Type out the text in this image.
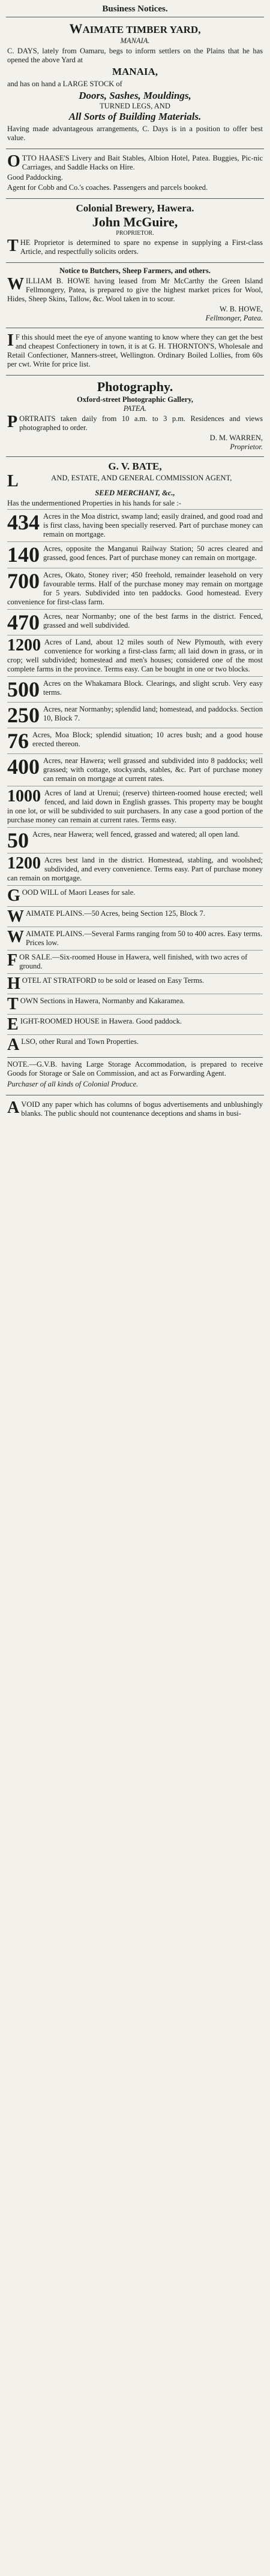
Business Notices.
WAIMATE TIMBER YARD,
MANAIA.

C. DAYS, lately from Oamaru, begs to inform settlers on the Plains that he has opened the above Yard at

MANAIA,

and has on hand a LARGE STOCK of

Doors, Sashes, Mouldings,
TURNED LEGS, AND
All Sorts of Building Materials.

Having made advantageous arrangements, C. Days is in a position to offer best value.

OTTO HAASE'S Livery and Bait Stables, Albion Hotel, Patea. Buggies, Pic-nic Carriages, and Saddle Hacks on Hire.

Good Paddocking.

Agent for Cobb and Co.'s coaches. Passengers and parcels booked.

Colonial Brewery, Hawera.
John McGuire,
PROPRIETOR.

THE Proprietor is determined to spare no expense in supplying a First-class Article, and respectfully solicits orders.

Notice to Butchers, Sheep Farmers, and others.

WILLIAM B. HOWE having leased from Mr McCarthy the Green Island Fellmongery, Patea, is prepared to give the highest market prices for Wool, Hides, Sheep Skins, Tallow, &c. Wool taken in to scour.

W. B. HOWE,
Fellmonger, Patea.

I F this should meet the eye of anyone wanting to know where they can get the best and cheapest Confectionery in town, it is at G. H. THORNTON'S, Wholesale and Retail Confectioner, Manners-street, Wellington. Ordinary Boiled Lollies, from 60s per cwt. Write for price list.

Photography.
Oxford-street Photographic Gallery,
PATEA.

PORTRAITS taken daily from 10 a.m. to 3 p.m. Residences and views photographed to order.

D. M. WARREN,
Proprietor.
G. V. BATE,

L	AND, ESTATE, AND GENERAL COMMISSION AGENT,

SEED MERCHANT, &c.,

Has the undermentioned Properties in his hands for sale :-

434 Acres in the Moa district, swamp land; easily drained, and good road and is first class, having been specially reserved. Part of purchase money can remain on mortgage.
140 Acres, opposite the Manganui Railway Station; 50 acres cleared and grassed, good fences. Part of purchase money can remain on mortgage.
700 Acres, Okato, Stoney river; 450 freehold, remainder leasehold on very favourable terms. Half of the purchase money may remain on mortgage for 5 years. Subdivided into ten paddocks. Good homestead. Every convenience for first-class farm.
470 Acres, near Normanby; one of the best farms in the district. Fenced, grassed and well subdivided.
1200 Acres of Land, about 12 miles south of New Plymouth, with every convenience for working a first-class farm; all laid down in grass, or in crop; well subdivided; homestead and men's houses; considered one of the most complete farms in the province. Terms easy. Can be bought in one or two blocks.
500 Acres on the Whakamara Block. Clearings, and slight scrub. Very easy terms.
250 Acres, near Normanby; splendid land; homestead, and paddocks. Section 10, Block 7.
76 Acres, Moa Block; splendid situation; 10 acres bush; and a good house erected thereon.
400 Acres, near Hawera; well grassed and subdivided into 8 paddocks; well grassed; with cottage, stockyards, stables, &c. Part of purchase money can remain on mortgage at current rates.
1000 Acres of land at Urenui; (reserve) thirteen-roomed house erected; well fenced, and laid down in English grasses. This property may be bought in one lot, or will be subdivided to suit purchasers. In any case a good portion of the purchase money can remain at current rates. Terms easy.
50 Acres, near Hawera; well fenced, grassed and watered; all open land.
1200 Acres best land in the district. Homestead, stabling, and woolshed; subdivided, and every convenience. Terms easy. Part of purchase money can remain on mortgage.
GOOD WILL of Maori Leases for sale.
WAIMATE PLAINS.—50 Acres, being Section 125, Block 7.
WAIMATE PLAINS.—Several Farms ranging from 50 to 400 acres. Easy terms. Prices low.
FOR SALE.—Six-roomed House in Hawera, well finished, with two acres of ground.
HOTEL AT STRATFORD to be sold or leased on Easy Terms.
TOWN Sections in Hawera, Normanby and Kakaramea.
EIGHT-ROOMED HOUSE in Hawera. Good paddock.
ALSO, other Rural and Town Properties.

NOTE.—G.V.B. having Large Storage Accommodation, is prepared to receive Goods for Storage or Sale on Commission, and act as Forwarding Agent.

Purchaser of all kinds of Colonial Produce.

AVOID any paper which has columns of bogus advertisements and unblushingly blanks. The public should not countenance deceptions and shams in busi-
